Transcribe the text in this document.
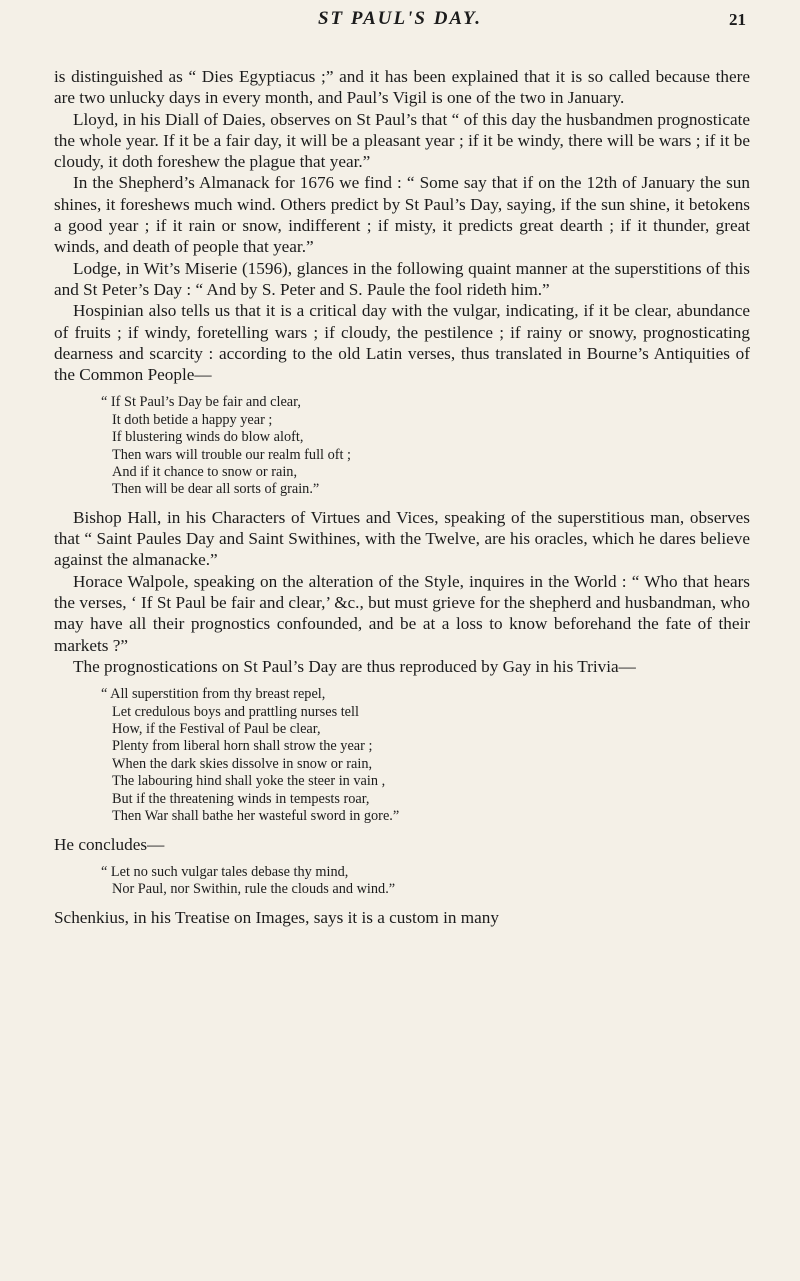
ST PAUL'S DAY.	21

is distinguished as “ Dies Egyptiacus ;” and it has been explained that it is so called because there are two unlucky days in every month, and Paul’s Vigil is one of the two in January.

Lloyd, in his Diall of Daies, observes on St Paul’s that “ of this day the husbandmen prognosticate the whole year. If it be a fair day, it will be a pleasant year ; if it be windy, there will be wars ; if it be cloudy, it doth foreshew the plague that year.”

In the Shepherd’s Almanack for 1676 we find : “ Some say that if on the 12th of January the sun shines, it foreshews much wind. Others predict by St Paul’s Day, saying, if the sun shine, it betokens a good year ; if it rain or snow, indifferent ; if misty, it predicts great dearth ; if it thunder, great winds, and death of people that year.”

Lodge, in Wit’s Miserie (1596), glances in the following quaint manner at the superstitions of this and St Peter’s Day : “ And by S. Peter and S. Paule the fool rideth him.”

Hospinian also tells us that it is a critical day with the vulgar, indicating, if it be clear, abundance of fruits ; if windy, foretelling wars ; if cloudy, the pestilence ; if rainy or snowy, prognosticating dearness and scarcity : according to the old Latin verses, thus translated in Bourne’s Antiquities of the Common People—

“ If St Paul’s Day be fair and clear,
It doth betide a happy year ;
If blustering winds do blow aloft,
Then wars will trouble our realm full oft ;
And if it chance to snow or rain,
Then will be dear all sorts of grain.”

Bishop Hall, in his Characters of Virtues and Vices, speaking of the superstitious man, observes that “ Saint Paules Day and Saint Swithines, with the Twelve, are his oracles, which he dares believe against the almanacke.”

Horace Walpole, speaking on the alteration of the Style, inquires in the World : “ Who that hears the verses, ‘ If St Paul be fair and clear,’ &c., but must grieve for the shepherd and husbandman, who may have all their prognostics confounded, and be at a loss to know beforehand the fate of their markets ?”

The prognostications on St Paul’s Day are thus reproduced by Gay in his Trivia—

“ All superstition from thy breast repel,
Let credulous boys and prattling nurses tell
How, if the Festival of Paul be clear,
Plenty from liberal horn shall strow the year ;
When the dark skies dissolve in snow or rain,
The labouring hind shall yoke the steer in vain ,
But if the threatening winds in tempests roar,
Then War shall bathe her wasteful sword in gore.”

He concludes—

“ Let no such vulgar tales debase thy mind,
Nor Paul, nor Swithin, rule the clouds and wind.”

Schenkius, in his Treatise on Images, says it is a custom in many
